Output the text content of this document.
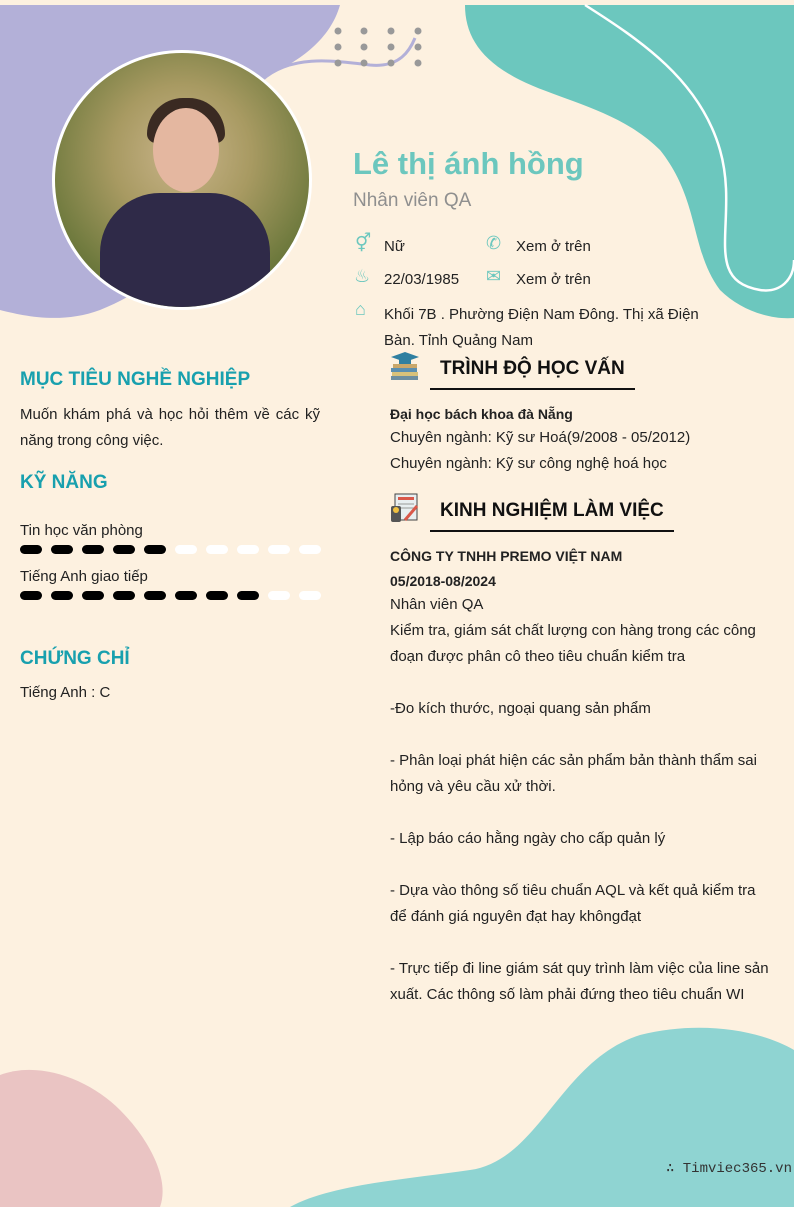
Lê thị ánh hồng
Nhân viên QA
⚥ Nữ	✆ Xem ở trên
♨ 22/03/1985 ✉ Xem ở trên
⌂ Khối 7B . Phường Điện Nam Đông. Thị xã Điện Bàn. Tỉnh Quảng Nam
MỤC TIÊU NGHỀ NGHIỆP
Muốn khám phá và học hỏi thêm về các kỹ năng trong công việc.
KỸ NĂNG
Tin học văn phòng
Tiếng Anh giao tiếp
CHỨNG CHỈ
Tiếng Anh : C
TRÌNH ĐỘ HỌC VẤN
Đại học bách khoa đà Nẵng
Chuyên ngành: Kỹ sư Hoá(9/2008 - 05/2012)
Chuyên ngành: Kỹ sư công nghệ hoá học
KINH NGHIỆM LÀM VIỆC
CÔNG TY TNHH PREMO VIỆT NAM
05/2018-08/2024
Nhân viên QA
Kiểm tra, giám sát chất lượng con hàng trong các công đoạn được phân cô theo tiêu chuẩn kiểm tra

-Đo kích thước, ngoại quang sản phẩm

- Phân loại phát hiện các sản phẩm bản thành thẩm sai hỏng và yêu cầu xử thời.

- Lập báo cáo hằng ngày cho cấp quản lý

- Dựa vào thông số tiêu chuẩn AQL và kết quả kiểm tra để đánh giá nguyên đạt hay khôngđạt

- Trực tiếp đi line giám sát quy trình làm việc của line sản xuất. Các thông số làm phải đứng theo tiêu chuẩn WI
∴ Timviec365.vn
